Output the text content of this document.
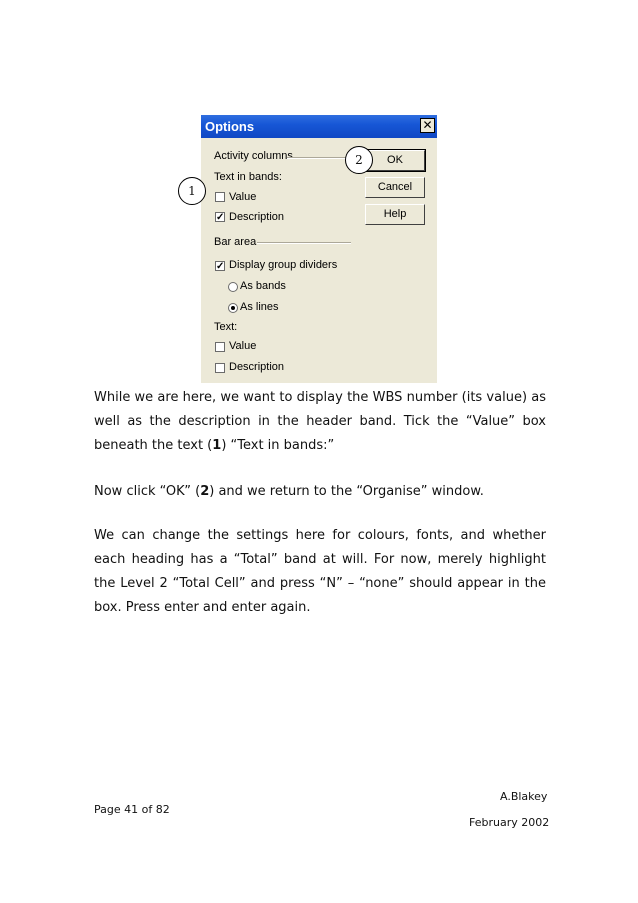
Options	✕
Activity columns
Text in bands:
Value
✓ Description
Bar area
✓ Display group dividers
As bands
As lines
Text:
Value
Description
OK
Cancel
Help
2
1

While we are here, we want to display the WBS number (its value) as well as the description in the header band. Tick the “Value” box beneath the text (1) “Text in bands:”

Now click “OK” (2) and we return to the “Organise” window.

We can change the settings here for colours, fonts, and whether each heading has a “Total” band at will. For now, merely highlight the Level 2 “Total Cell” and press “N” – “none” should appear in the box. Press enter and enter again.

A.Blakey
Page 41 of 82
February 2002
